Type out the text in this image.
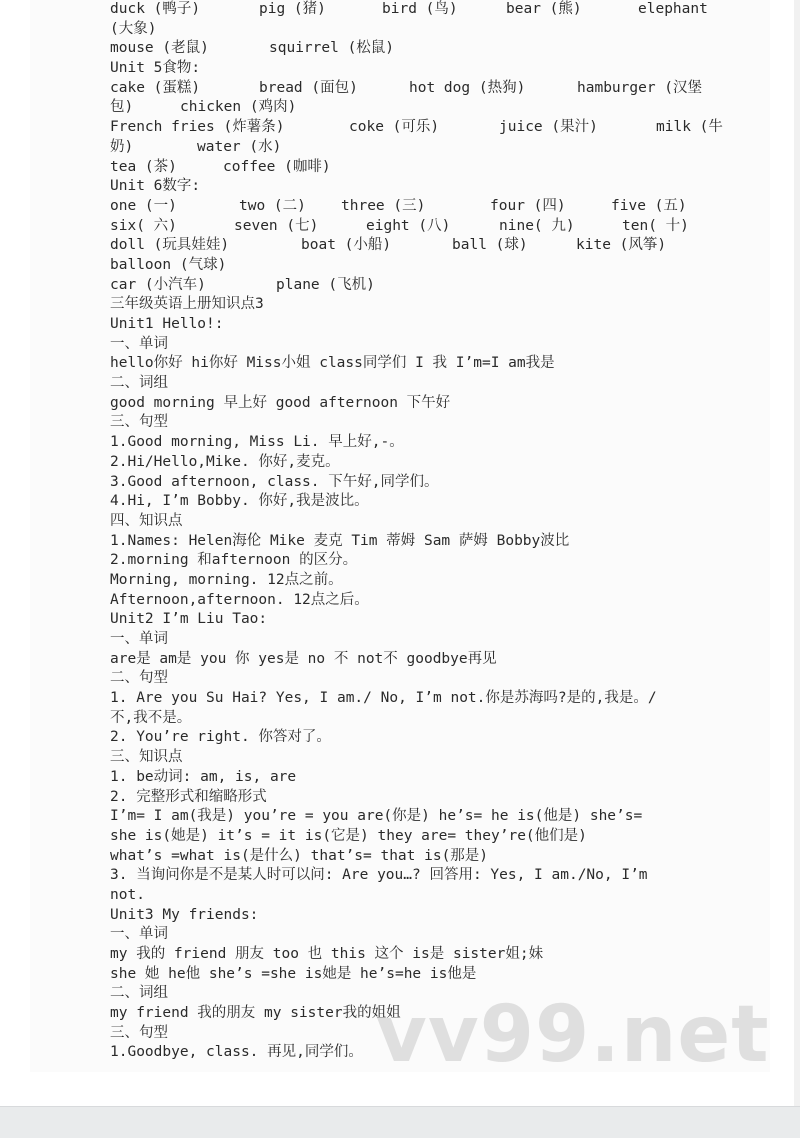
duck (鸭子)	pig (猪)	bird (鸟)	bear (熊)	elephant
(大象)
mouse (老鼠)	squirrel (松鼠)
Unit 5食物:
cake (蛋糕)	bread (面包)	hot dog (热狗)	hamburger (汉堡
包)	chicken (鸡肉)
French fries (炸薯条)	coke (可乐)	juice (果汁)	milk (牛
奶)	water (水)
tea (茶)	coffee (咖啡)
Unit 6数字:
one (一)	two (二) three (三)	four (四)	five (五)
six( 六)	seven (七)	eight (八)	nine( 九)	ten( 十)
doll (玩具娃娃)	boat (小船)	ball (球)	kite (风筝)
balloon (气球)
car (小汽车)	plane (飞机)
三年级英语上册知识点3
Unit1 Hello!:
一、单词
hello你好 hi你好 Miss小姐 class同学们 I 我 I’m=I am我是
二、词组
good morning 早上好 good afternoon 下午好
三、句型
1.Good morning, Miss Li. 早上好,-。
2.Hi/Hello,Mike. 你好,麦克。
3.Good afternoon, class. 下午好,同学们。
4.Hi, I’m Bobby. 你好,我是波比。
四、知识点
1.Names: Helen海伦 Mike 麦克 Tim 蒂姆 Sam 萨姆 Bobby波比
2.morning 和afternoon 的区分。
Morning, morning. 12点之前。
Afternoon,afternoon. 12点之后。
Unit2 I’m Liu Tao:
一、单词
are是 am是 you 你 yes是 no 不 not不 goodbye再见
二、句型
1. Are you Su Hai? Yes, I am./ No, I’m not.你是苏海吗?是的,我是。/
不,我不是。
2. You’re right. 你答对了。
三、知识点
1. be动词: am, is, are
2. 完整形式和缩略形式
I’m= I am(我是) you’re = you are(你是) he’s= he is(他是) she’s=
she is(她是) it’s = it is(它是) they are= they’re(他们是)
what’s =what is(是什么) that’s= that is(那是)
3. 当询问你是不是某人时可以问: Are you…? 回答用: Yes, I am./No, I’m
not.
Unit3 My friends:
一、单词
my 我的 friend 朋友 too 也 this 这个 is是 sister姐;妹
she 她 he他 she’s =she is她是 he’s=he is他是
二、词组
my friend 我的朋友 my sister我的姐姐
三、句型
1.Goodbye, class. 再见,同学们。 vv99.net
